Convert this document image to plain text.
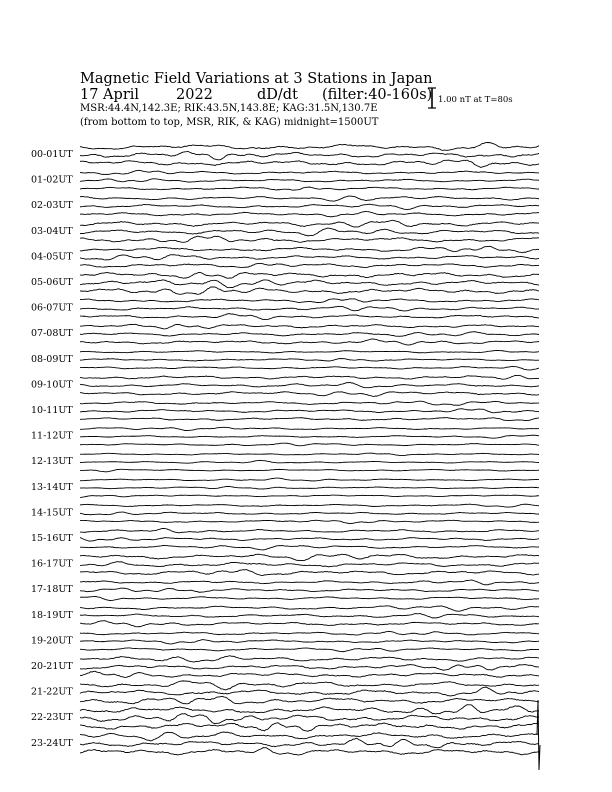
Magnetic Field Variations at 3 Stations in Japan
17 April	2022	dD/dt (filter:40-160s)
MSR:44.4N,142.3E; RIK:43.5N,143.8E; KAG:31.5N,130.7E
(from bottom to top, MSR, RIK, & KAG) midnight=1500UT
1.00 nT at T=80s
00-01UT
01-02UT
02-03UT
03-04UT
04-05UT
05-06UT
06-07UT
07-08UT
08-09UT
09-10UT
10-11UT
11-12UT
12-13UT
13-14UT
14-15UT
15-16UT
16-17UT
17-18UT
18-19UT
19-20UT
20-21UT
21-22UT
22-23UT
23-24UT
